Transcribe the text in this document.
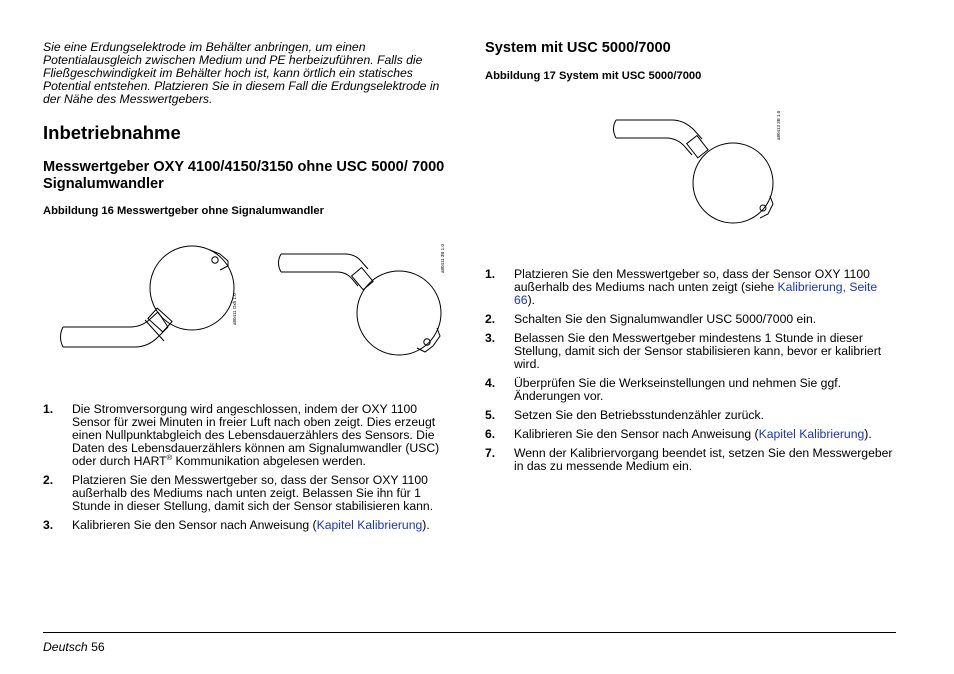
Sie eine Erdungselektrode im Behälter anbringen, um einen Potentialausgleich zwischen Medium und PE herbeizuführen. Falls die Fließgeschwindigkeit im Behälter hoch ist, kann örtlich ein statisches Potential entstehen. Platzieren Sie in diesem Fall die Erdungselektrode in der Nähe des Messwertgebers.

Inbetriebnahme
Messwertgeber OXY 4100/4150/3150 ohne USC 5000/ 7000 Signalumwandler

Abbildung 16 Messwertgeber ohne Signalumwandler

1. Die Stromversorgung wird angeschlossen, indem der OXY 1100 Sensor für zwei Minuten in freier Luft nach oben zeigt. Dies erzeugt einen Nullpunktabgleich des Lebensdauerzählers des Sensors. Die Daten des Lebensdauerzählers können am Signalumwandler (USC) oder durch HART® Kommunikation abgelesen werden.
2. Platzieren Sie den Messwertgeber so, dass der Sensor OXY 1100 außerhalb des Mediums nach unten zeigt. Belassen Sie ihn für 1 Stunde in dieser Stellung, damit sich der Sensor stabilisieren kann.
3. Kalibrieren Sie den Sensor nach Anweisung (Kapitel Kalibrierung).
a80411 Oxh 1.0
a80411 3B 1.0
System mit USC 5000/7000

Abbildung 17 System mit USC 5000/7000

1. Platzieren Sie den Messwertgeber so, dass der Sensor OXY 1100 außerhalb des Mediums nach unten zeigt (siehe Kalibrierung, Seite 66).
2. Schalten Sie den Signalumwandler USC 5000/7000 ein.
3. Belassen Sie den Messwertgeber mindestens 1 Stunde in dieser Stellung, damit sich der Sensor stabilisieren kann, bevor er kalibriert wird.
4. Überprüfen Sie die Werkseinstellungen und nehmen Sie ggf. Änderungen vor.
5. Setzen Sie den Betriebsstundenzähler zurück.
6. Kalibrieren Sie den Sensor nach Anweisung (Kapitel Kalibrierung).
7. Wenn der Kalibriervorgang beendet ist, setzen Sie den Messwergeber in das zu messende Medium ein.
a80413 3B 1.0
Deutsch 56
